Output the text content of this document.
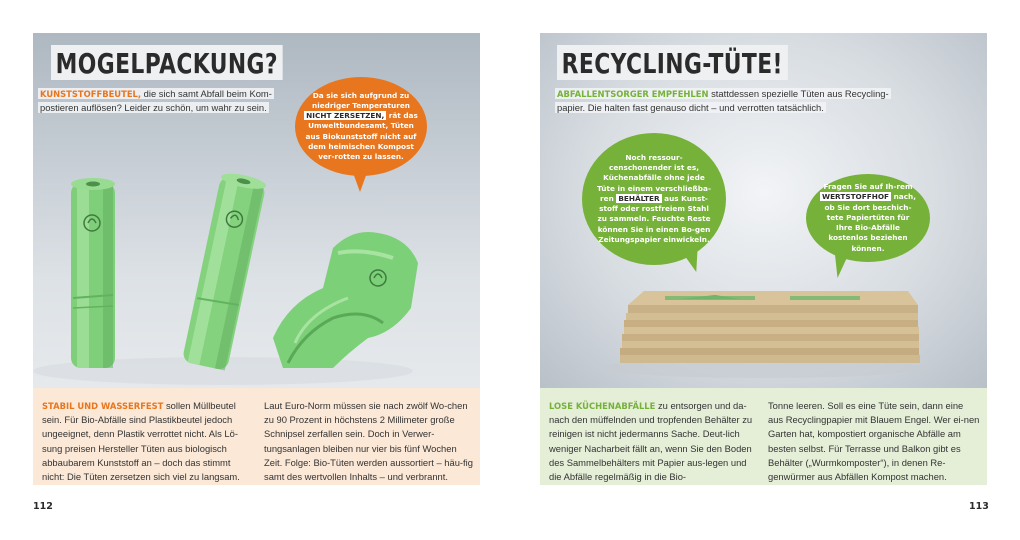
MOGELPACKUNG?	RECYCLING-TÜTE!
KUNSTSTOFFBEUTEL, die sich samt Abfall beim Kom-
postieren auflösen? Leider zu schön, um wahr zu sein.
ABFALLENTSORGER EMPFEHLEN stattdessen spezielle Tüten aus Recycling-
papier. Die halten fast genauso dicht – und verrotten tatsächlich.
Da sie sich aufgrund zu niedriger Temperaturen NICHT ZERSETZEN, rät das Umweltbundesamt, Tüten aus Biokunststoff nicht auf dem heimischen Kompost ver-rotten zu lassen.	Noch ressour-censchonender ist es, Küchenabfälle ohne jede Tüte in einem verschließba-ren BEHÄLTER aus Kunst-stoff oder rostfreiem Stahl zu sammeln. Feuchte Reste können Sie in einen Bo-gen Zeitungspapier einwickeln.
Fragen Sie auf Ih-rem WERTSTOFFHOF nach, ob Sie dort beschich-tete Papiertüten für Ihre Bio-Abfälle kostenlos beziehen können.
STABIL UND WASSERFEST sollen Müllbeutel sein. Für Bio-Abfälle sind Plastikbeutel jedoch ungeeignet, denn Plastik verrottet nicht. Als Lö-sung preisen Hersteller Tüten aus biologisch abbaubarem Kunststoff an – doch das stimmt nicht: Die Tüten zersetzen sich viel zu langsam.
Laut Euro-Norm müssen sie nach zwölf Wo-chen zu 90 Prozent in höchstens 2 Millimeter große Schnipsel zerfallen sein. Doch in Verwer-tungsanlagen bleiben nur vier bis fünf Wochen Zeit. Folge: Bio-Tüten werden aussortiert – häu-fig samt des wertvollen Inhalts – und verbrannt.
LOSE KÜCHENABFÄLLE zu entsorgen und da-nach den müffelnden und tropfenden Behälter zu reinigen ist nicht jedermanns Sache. Deut-lich weniger Nacharbeit fällt an, wenn Sie den Boden des Sammelbehälters mit Papier aus-legen und die Abfälle regelmäßig in die Bio-
Tonne leeren. Soll es eine Tüte sein, dann eine aus Recyclingpapier mit Blauem Engel. Wer ei-nen Garten hat, kompostiert organische Abfälle am besten selbst. Für Terrasse und Balkon gibt es Behälter („Wurmkomposter“), in denen Re-genwürmer aus Abfällen Kompost machen.
112	113
